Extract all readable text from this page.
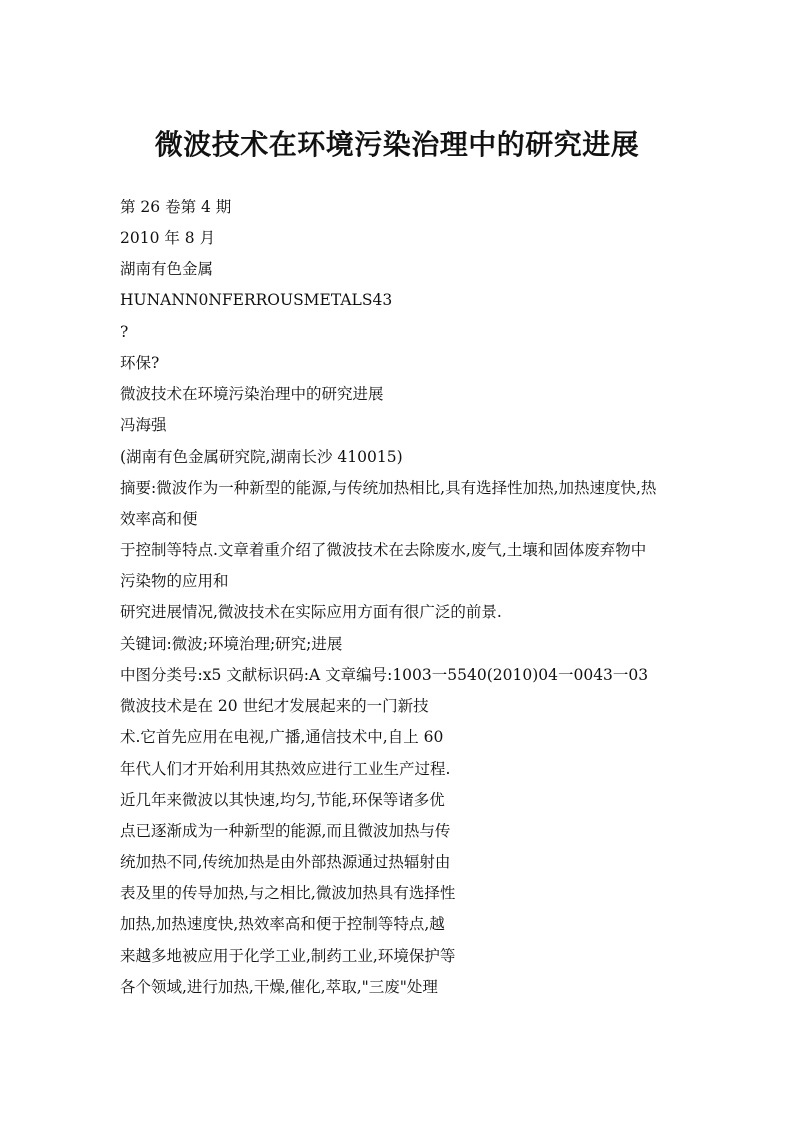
微波技术在环境污染治理中的研究进展
第 26 卷第 4 期
2010 年 8 月
湖南有色金属
HUNANN0NFERROUSMETALS43
?
环保?
微波技术在环境污染治理中的研究进展
冯海强
(湖南有色金属研究院,湖南长沙 410015)
摘要:微波作为一种新型的能源,与传统加热相比,具有选择性加热,加热速度快,热
效率高和便
于控制等特点.文章着重介绍了微波技术在去除废水,废气,土壤和固体废弃物中
污染物的应用和
研究进展情况,微波技术在实际应用方面有很广泛的前景.
关键词:微波;环境治理;研究;进展
中图分类号:x5 文献标识码:A 文章编号:1003一5540(2010)04一0043一03
微波技术是在 20 世纪才发展起来的一门新技
术.它首先应用在电视,广播,通信技术中,自上 60
年代人们才开始利用其热效应进行工业生产过程.
近几年来微波以其快速,均匀,节能,环保等诸多优
点已逐渐成为一种新型的能源,而且微波加热与传
统加热不同,传统加热是由外部热源通过热辐射由
表及里的传导加热,与之相比,微波加热具有选择性
加热,加热速度快,热效率高和便于控制等特点,越
来越多地被应用于化学工业,制药工业,环境保护等
各个领域,进行加热,干燥,催化,萃取,"三废"处理
